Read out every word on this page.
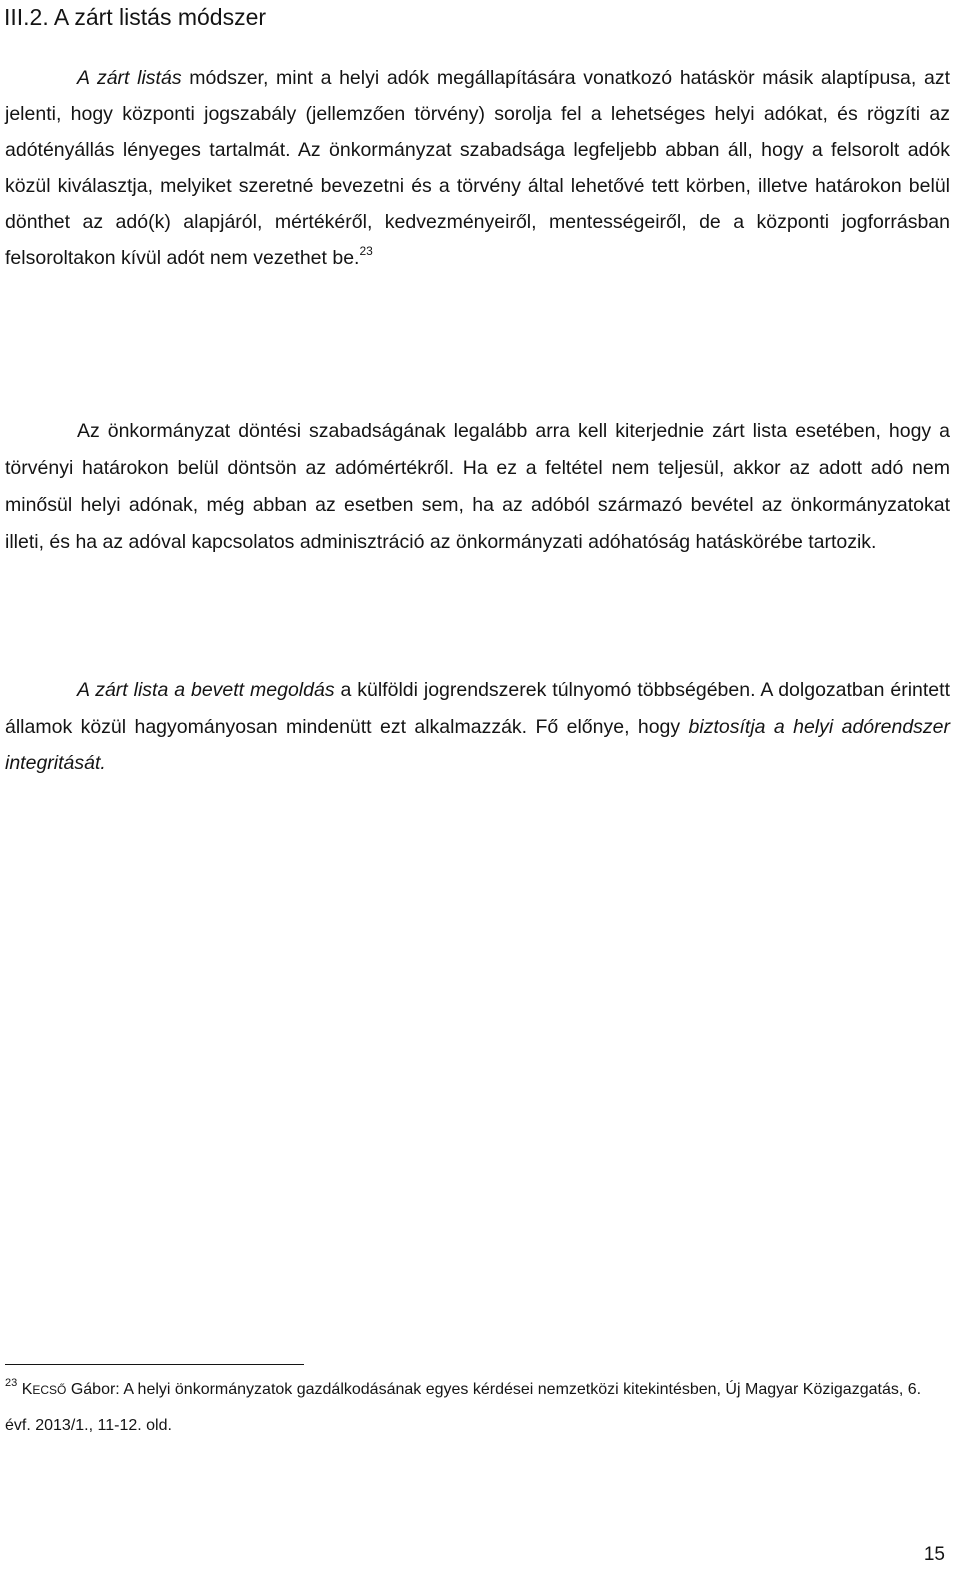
III.2. A zárt listás módszer

A zárt listás módszer, mint a helyi adók megállapítására vonatkozó hatáskör másik alaptípusa, azt jelenti, hogy központi jogszabály (jellemzően törvény) sorolja fel a lehetséges helyi adókat, és rögzíti az adótényállás lényeges tartalmát. Az önkormányzat szabadsága legfeljebb abban áll, hogy a felsorolt adók közül kiválasztja, melyiket szeretné bevezetni és a törvény által lehetővé tett körben, illetve határokon belül dönthet az adó(k) alapjáról, mértékéről, kedvezményeiről, mentességeiről, de a központi jogforrásban felsoroltakon kívül adót nem vezethet be.$^{23}$

Az önkormányzat döntési szabadságának legalább arra kell kiterjednie zárt lista esetében, hogy a törvényi határokon belül döntsön az adómértékről. Ha ez a feltétel nem teljesül, akkor az adott adó nem minősül helyi adónak, még abban az esetben sem, ha az adóból származó bevétel az önkormányzatokat illeti, és ha az adóval kapcsolatos adminisztráció az önkormányzati adóhatóság hatáskörébe tartozik.

A zárt lista a bevett megoldás a külföldi jogrendszerek túlnyomó többségében. A dolgozatban érintett államok közül hagyományosan mindenütt ezt alkalmazzák. Fő előnye, hogy biztosítja a helyi adórendszer integritását.

$^{23}$ KECSŐ Gábor: A helyi önkormányzatok gazdálkodásának egyes kérdései nemzetközi kitekintésben, Új Magyar Közigazgatás, 6. évf. 2013/1., 11-12. old.

15
